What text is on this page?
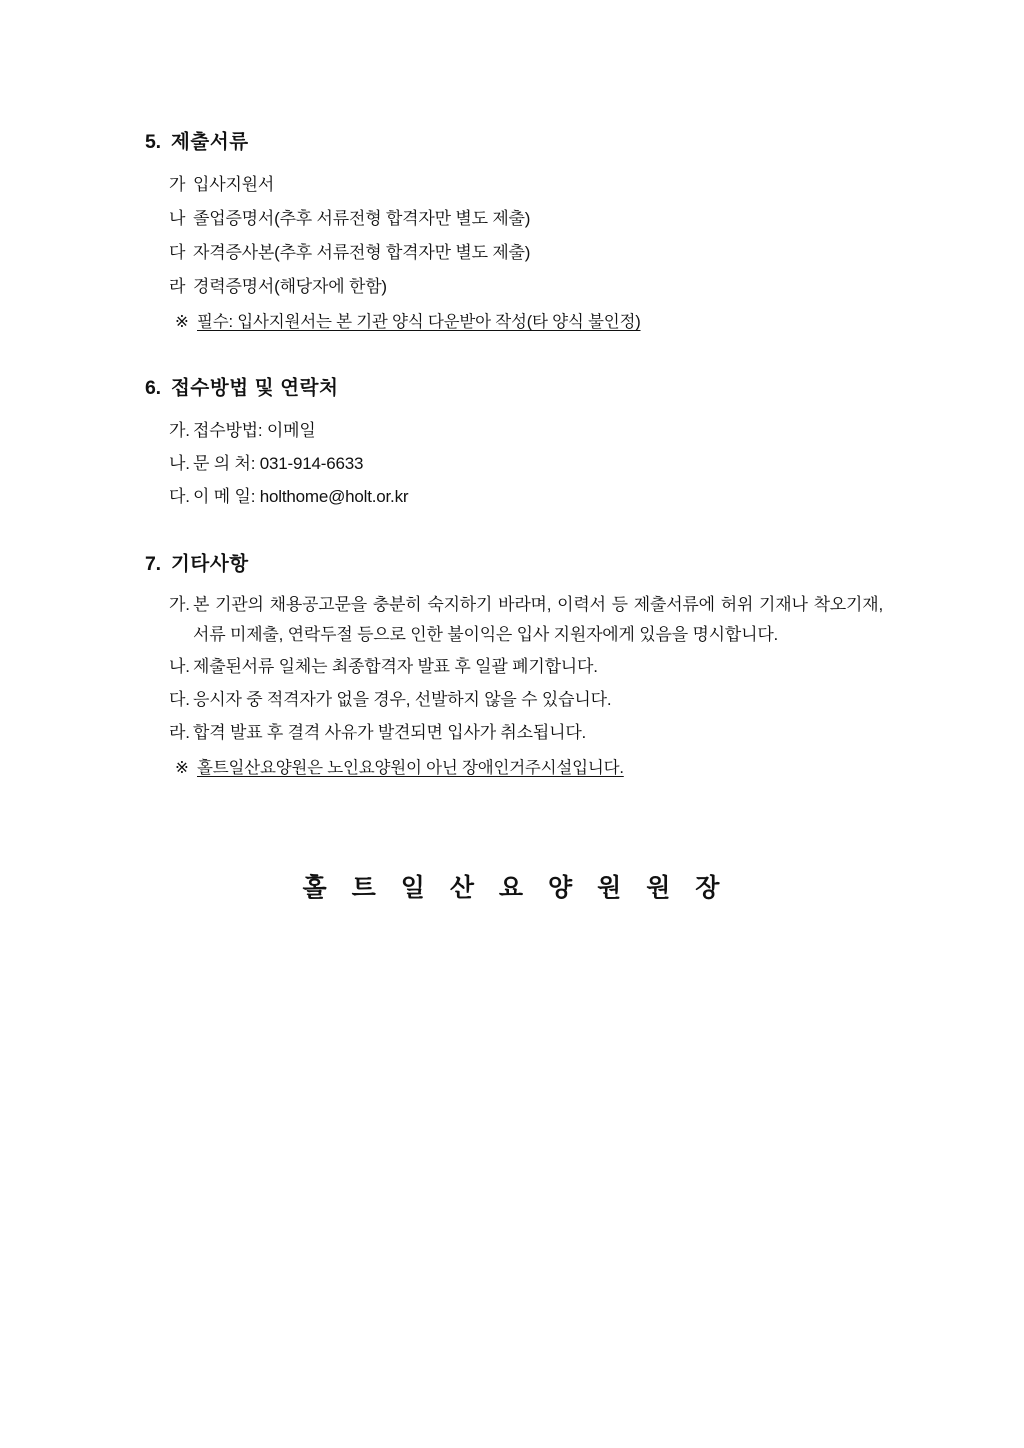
5. 제출서류
가 입사지원서
나 졸업증명서(추후 서류전형 합격자만 별도 제출)
다 자격증사본(추후 서류전형 합격자만 별도 제출)
라 경력증명서(해당자에 한함)
※ 필수: 입사지원서는 본 기관 양식 다운받아 작성(타 양식 불인정)
6. 접수방법 및 연락처
가. 접수방법: 이메일
나. 문 의 처: 031-914-6633
다. 이 메 일: holthome@holt.or.kr
7. 기타사항
가. 본 기관의 채용공고문을 충분히 숙지하기 바라며, 이력서 등 제출서류에 허위 기재나 착오기재, 서류 미제출, 연락두절 등으로 인한 불이익은 입사 지원자에게 있음을 명시합니다.
나. 제출된서류 일체는 최종합격자 발표 후 일괄 폐기합니다.
다. 응시자 중 적격자가 없을 경우, 선발하지 않을 수 있습니다.
라. 합격 발표 후 결격 사유가 발견되면 입사가 취소됩니다.
※ 홀트일산요양원은 노인요양원이 아닌 장애인거주시설입니다.
홀 트 일 산 요 양 원 원 장
